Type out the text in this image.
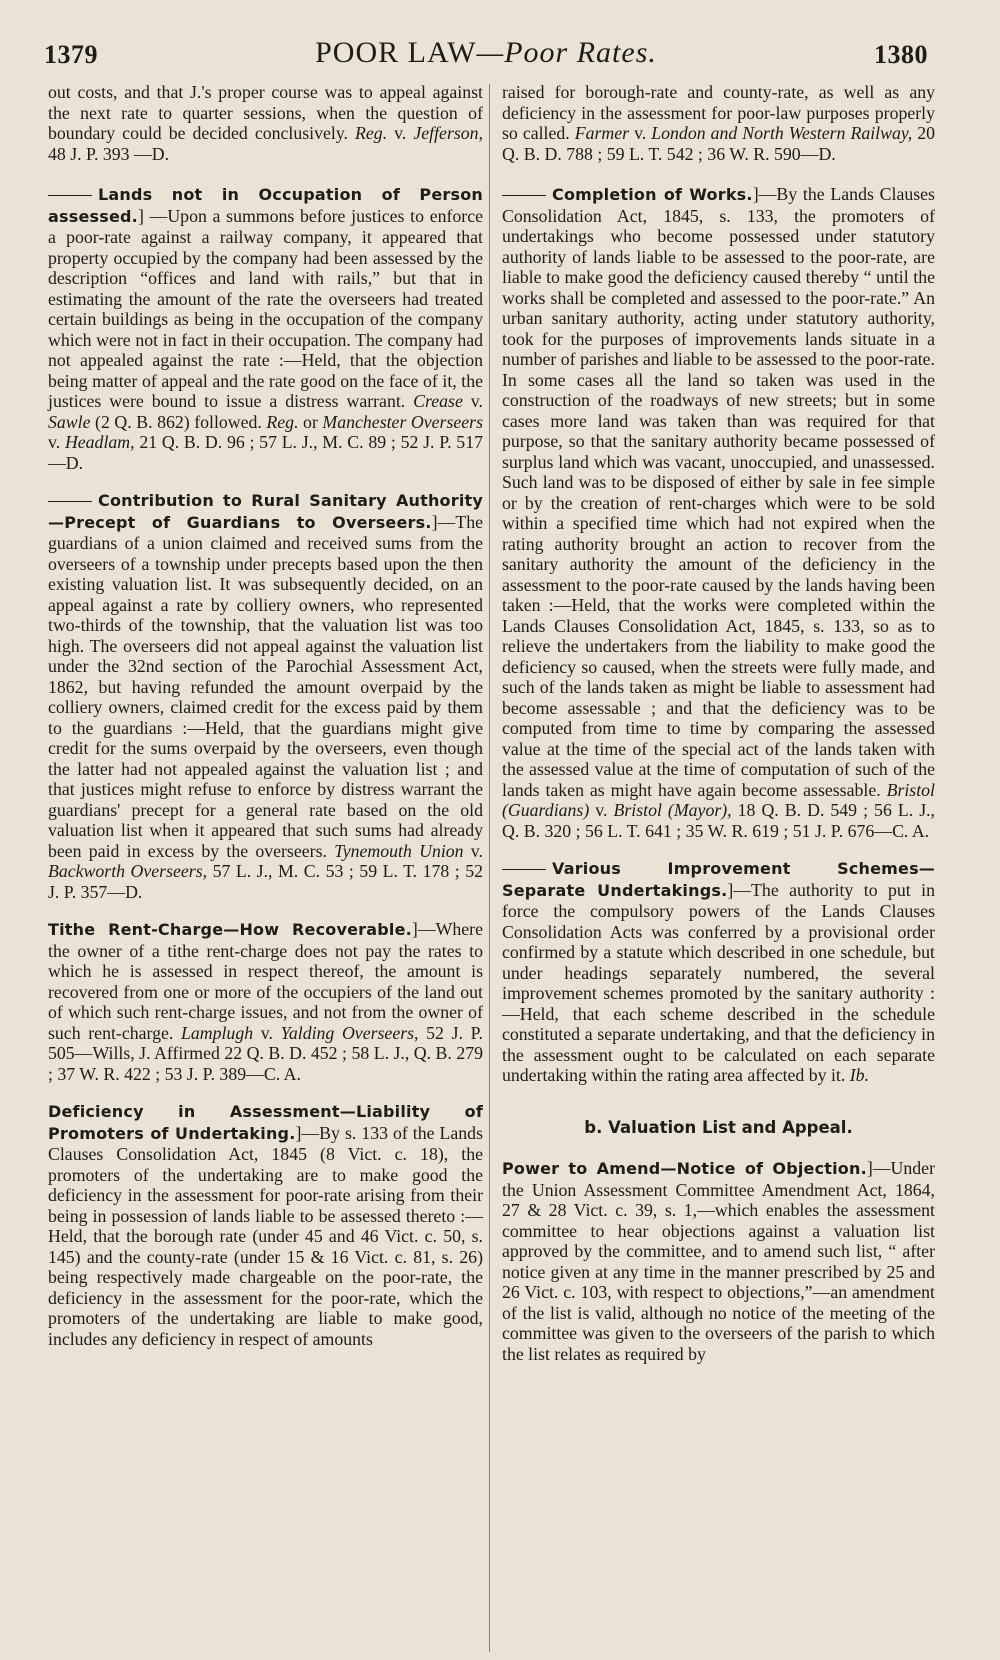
1379	POOR LAW—Poor Rates.	1380

out costs, and that J.'s proper course was to appeal against the next rate to quarter sessions, when the question of boundary could be decided conclusively. Reg. v. Jefferson, 48 J. P. 393 —D.

Lands not in Occupation of Person assessed.] —Upon a summons before justices to enforce a poor-rate against a railway company, it appeared that property occupied by the company had been assessed by the description “offices and land with rails,” but that in estimating the amount of the rate the overseers had treated certain buildings as being in the occupation of the company which were not in fact in their occupation. The company had not appealed against the rate :—Held, that the objection being matter of appeal and the rate good on the face of it, the justices were bound to issue a distress warrant. Crease v. Sawle (2 Q. B. 862) followed. Reg. or Manchester Overseers v. Headlam, 21 Q. B. D. 96 ; 57 L. J., M. C. 89 ; 52 J. P. 517—D.

Contribution to Rural Sanitary Authority—Precept of Guardians to Overseers.]—The guardians of a union claimed and received sums from the overseers of a township under precepts based upon the then existing valuation list. It was subsequently decided, on an appeal against a rate by colliery owners, who represented two-thirds of the township, that the valuation list was too high. The overseers did not appeal against the valuation list under the 32nd section of the Parochial Assessment Act, 1862, but having refunded the amount overpaid by the colliery owners, claimed credit for the excess paid by them to the guardians :—Held, that the guardians might give credit for the sums overpaid by the overseers, even though the latter had not appealed against the valuation list ; and that justices might refuse to enforce by distress warrant the guardians' precept for a general rate based on the old valuation list when it appeared that such sums had already been paid in excess by the overseers. Tynemouth Union v. Backworth Overseers, 57 L. J., M. C. 53 ; 59 L. T. 178 ; 52 J. P. 357—D.

Tithe Rent-Charge—How Recoverable.]—Where the owner of a tithe rent-charge does not pay the rates to which he is assessed in respect thereof, the amount is recovered from one or more of the occupiers of the land out of which such rent-charge issues, and not from the owner of such rent-charge. Lamplugh v. Yalding Overseers, 52 J. P. 505—Wills, J. Affirmed 22 Q. B. D. 452 ; 58 L. J., Q. B. 279 ; 37 W. R. 422 ; 53 J. P. 389—C. A.

Deficiency in Assessment—Liability of Promoters of Undertaking.]—By s. 133 of the Lands Clauses Consolidation Act, 1845 (8 Vict. c. 18), the promoters of the undertaking are to make good the deficiency in the assessment for poor-rate arising from their being in possession of lands liable to be assessed thereto :—Held, that the borough rate (under 45 and 46 Vict. c. 50, s. 145) and the county-rate (under 15 & 16 Vict. c. 81, s. 26) being respectively made chargeable on the poor-rate, the deficiency in the assessment for the poor-rate, which the promoters of the undertaking are liable to make good, includes any deficiency in respect of amounts

raised for borough-rate and county-rate, as well as any deficiency in the assessment for poor-law purposes properly so called. Farmer v. London and North Western Railway, 20 Q. B. D. 788 ; 59 L. T. 542 ; 36 W. R. 590—D.

Completion of Works.]—By the Lands Clauses Consolidation Act, 1845, s. 133, the promoters of undertakings who become possessed under statutory authority of lands liable to be assessed to the poor-rate, are liable to make good the deficiency caused thereby “ until the works shall be completed and assessed to the poor-rate.” An urban sanitary authority, acting under statutory authority, took for the purposes of improvements lands situate in a number of parishes and liable to be assessed to the poor-rate. In some cases all the land so taken was used in the construction of the roadways of new streets; but in some cases more land was taken than was required for that purpose, so that the sanitary authority became possessed of surplus land which was vacant, unoccupied, and unassessed. Such land was to be disposed of either by sale in fee simple or by the creation of rent-charges which were to be sold within a specified time which had not expired when the rating authority brought an action to recover from the sanitary authority the amount of the deficiency in the assessment to the poor-rate caused by the lands having been taken :—Held, that the works were completed within the Lands Clauses Consolidation Act, 1845, s. 133, so as to relieve the undertakers from the liability to make good the deficiency so caused, when the streets were fully made, and such of the lands taken as might be liable to assessment had become assessable ; and that the deficiency was to be computed from time to time by comparing the assessed value at the time of the special act of the lands taken with the assessed value at the time of computation of such of the lands taken as might have again become assessable. Bristol (Guardians) v. Bristol (Mayor), 18 Q. B. D. 549 ; 56 L. J., Q. B. 320 ; 56 L. T. 641 ; 35 W. R. 619 ; 51 J. P. 676—C. A.

Various Improvement Schemes—Separate Undertakings.]—The authority to put in force the compulsory powers of the Lands Clauses Consolidation Acts was conferred by a provisional order confirmed by a statute which described in one schedule, but under headings separately numbered, the several improvement schemes promoted by the sanitary authority :—Held, that each scheme described in the schedule constituted a separate undertaking, and that the deficiency in the assessment ought to be calculated on each separate undertaking within the rating area affected by it. Ib.

b. Valuation List and Appeal.

Power to Amend—Notice of Objection.]—Under the Union Assessment Committee Amendment Act, 1864, 27 & 28 Vict. c. 39, s. 1,—which enables the assessment committee to hear objections against a valuation list approved by the committee, and to amend such list, “ after notice given at any time in the manner prescribed by 25 and 26 Vict. c. 103, with respect to objections,”—an amendment of the list is valid, although no notice of the meeting of the committee was given to the overseers of the parish to which the list relates as required by
